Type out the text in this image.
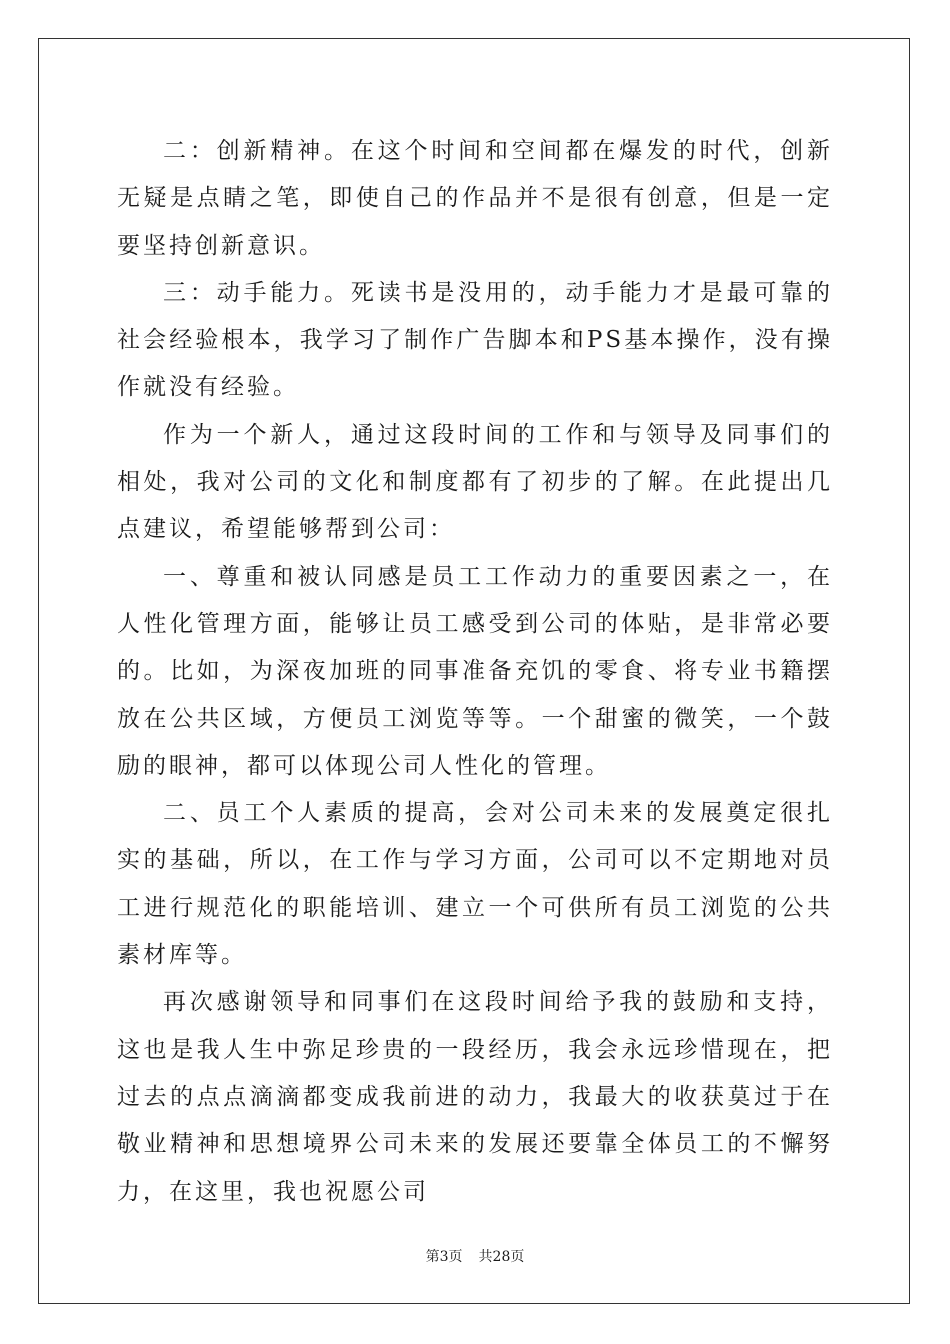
二：创新精神。在这个时间和空间都在爆发的时代，创新无疑是点睛之笔，即使自己的作品并不是很有创意，但是一定要坚持创新意识。

三：动手能力。死读书是没用的，动手能力才是最可靠的社会经验根本，我学习了制作广告脚本和PS基本操作，没有操作就没有经验。

作为一个新人，通过这段时间的工作和与领导及同事们的相处，我对公司的文化和制度都有了初步的了解。在此提出几点建议，希望能够帮到公司：

一、尊重和被认同感是员工工作动力的重要因素之一，在人性化管理方面，能够让员工感受到公司的体贴，是非常必要的。比如，为深夜加班的同事准备充饥的零食、将专业书籍摆放在公共区域，方便员工浏览等等。一个甜蜜的微笑，一个鼓励的眼神，都可以体现公司人性化的管理。

二、员工个人素质的提高，会对公司未来的发展奠定很扎实的基础，所以，在工作与学习方面，公司可以不定期地对员工进行规范化的职能培训、建立一个可供所有员工浏览的公共素材库等。

再次感谢领导和同事们在这段时间给予我的鼓励和支持，这也是我人生中弥足珍贵的一段经历，我会永远珍惜现在，把过去的点点滴滴都变成我前进的动力，我最大的收获莫过于在敬业精神和思想境界公司未来的发展还要靠全体员工的不懈努力，在这里，我也祝愿公司

第3页 共28页
